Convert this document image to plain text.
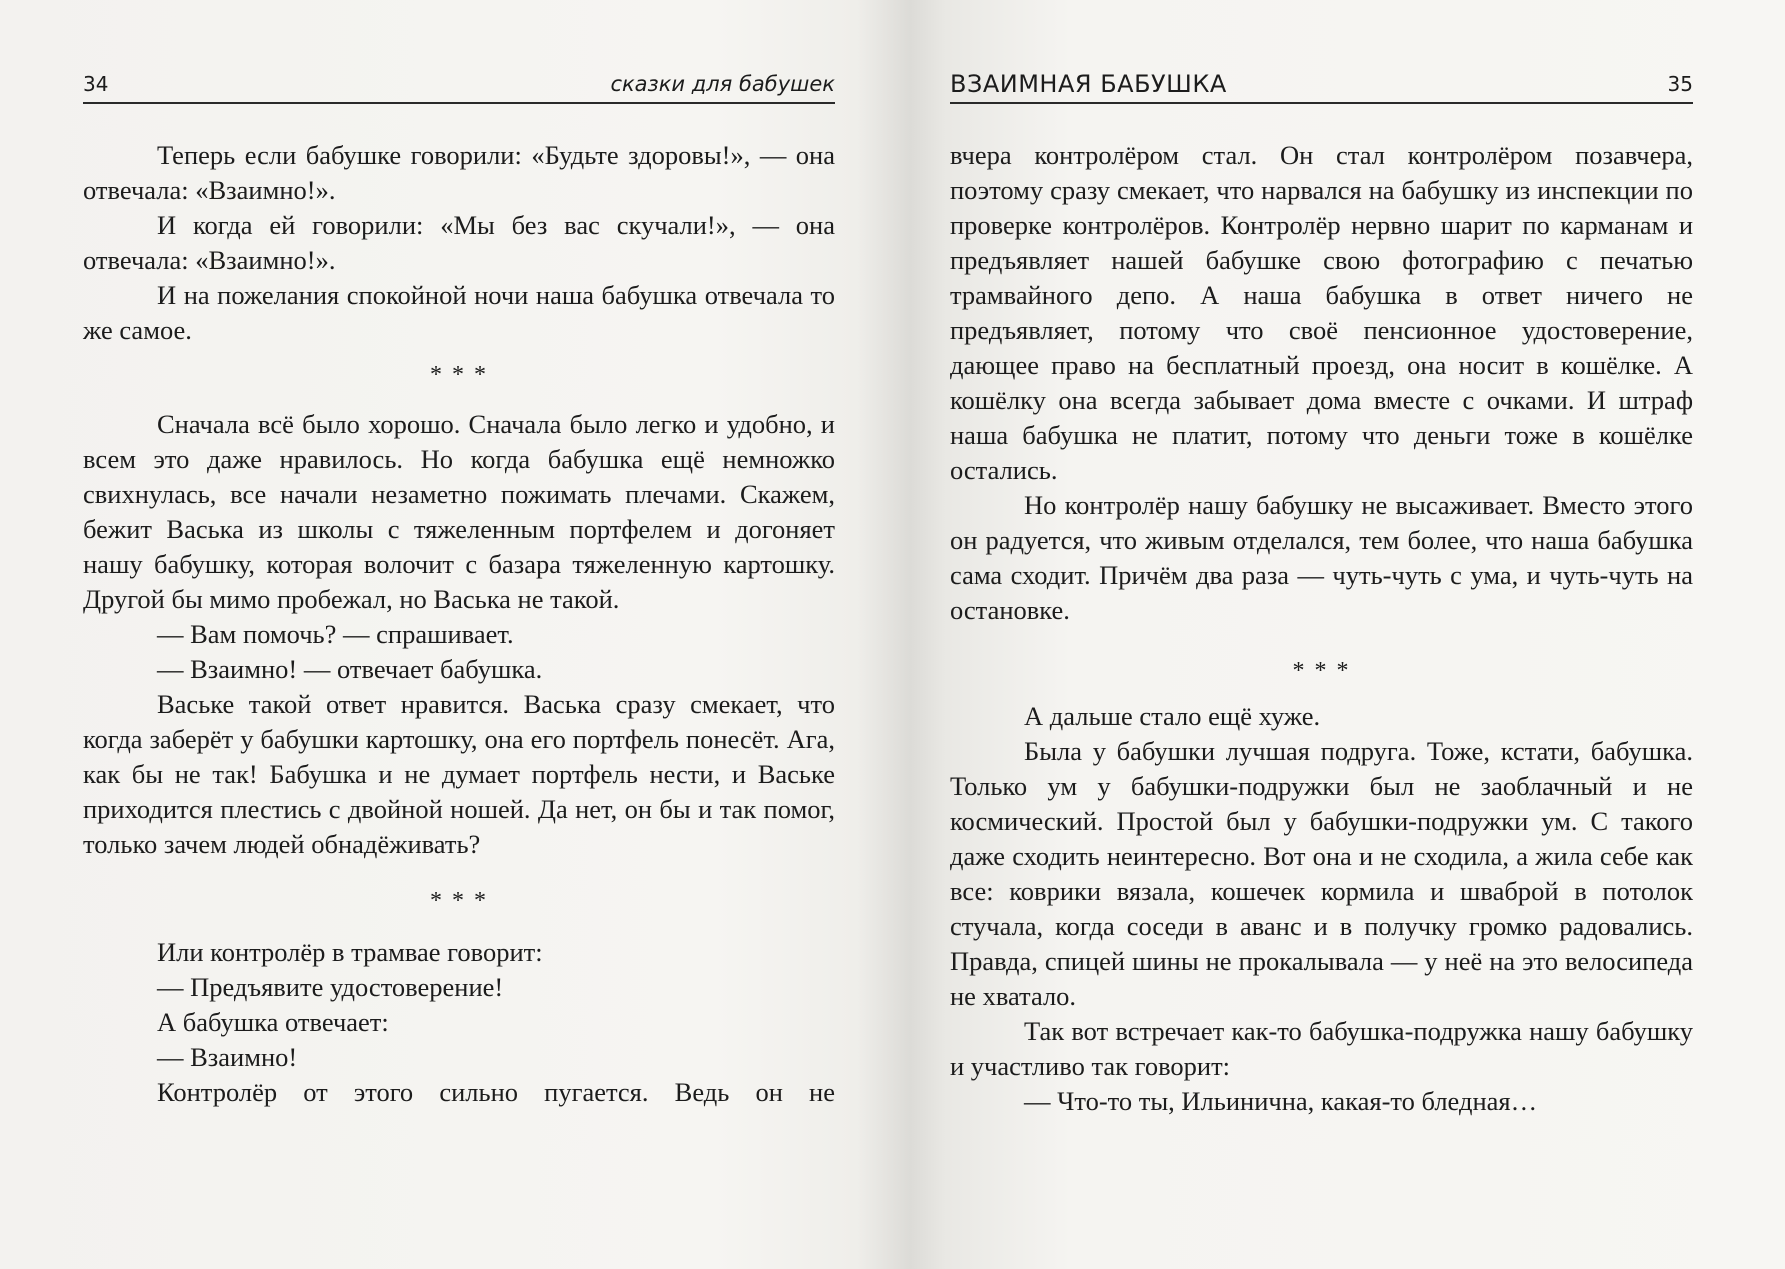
34	сказки для бабушек

Теперь если бабушке говорили: «Будьте здоровы!», — она отвечала: «Взаимно!».

И когда ей говорили: «Мы без вас скучали!», — она отвечала: «Взаимно!».

И на пожелания спокойной ночи наша бабушка отвечала то же самое.

* * *

Сначала всё было хорошо. Сначала было легко и удобно, и всем это даже нравилось. Но когда бабушка ещё немножко свихнулась, все начали незаметно пожимать плечами. Скажем, бежит Васька из школы с тяжеленным портфелем и догоняет нашу бабушку, которая волочит с базара тяжеленную картошку. Другой бы мимо пробежал, но Васька не такой.

— Вам помочь? — спрашивает.

— Взаимно! — отвечает бабушка.

Ваське такой ответ нравится. Васька сразу смекает, что когда заберёт у бабушки картошку, она его портфель понесёт. Ага, как бы не так! Бабушка и не думает портфель нести, и Ваське приходится плестись с двойной ношей. Да нет, он бы и так помог, только зачем людей обнадёживать?

* * *

Или контролёр в трамвае говорит:

— Предъявите удостоверение!

А бабушка отвечает:

— Взаимно!

Контролёр от этого сильно пугается. Ведь он не

ВЗАИМНАЯ БАБУШКА	35

вчера контролёром стал. Он стал контролёром позавчера, поэтому сразу смекает, что нарвался на бабушку из инспекции по проверке контролёров. Контролёр нервно шарит по карманам и предъявляет нашей бабушке свою фотографию с печатью трамвайного депо. А наша бабушка в ответ ничего не предъявляет, потому что своё пенсионное удостоверение, дающее право на бесплатный проезд, она носит в кошёлке. А кошёлку она всегда забывает дома вместе с очками. И штраф наша бабушка не платит, потому что деньги тоже в кошёлке остались.

Но контролёр нашу бабушку не высаживает. Вместо этого он радуется, что живым отделался, тем более, что наша бабушка сама сходит. Причём два раза — чуть-чуть с ума, и чуть-чуть на остановке.

* * *

А дальше стало ещё хуже.

Была у бабушки лучшая подруга. Тоже, кстати, бабушка. Только ум у бабушки-подружки был не заоблачный и не космический. Простой был у бабушки-подружки ум. С такого даже сходить неинтересно. Вот она и не сходила, а жила себе как все: коврики вязала, кошечек кормила и шваброй в потолок стучала, когда соседи в аванс и в получку громко радовались. Правда, спицей шины не прокалывала — у неё на это велосипеда не хватало.

Так вот встречает как-то бабушка-подружка нашу бабушку и участливо так говорит:

— Что-то ты, Ильинична, какая-то бледная…
